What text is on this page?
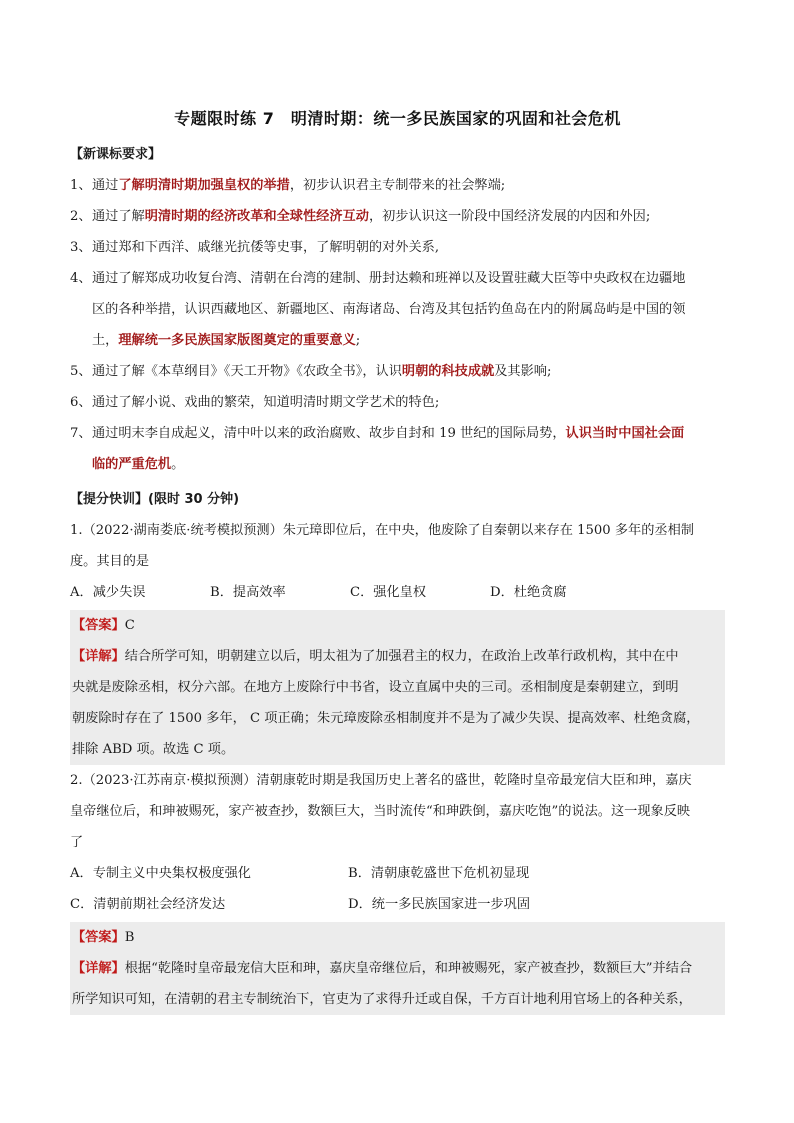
专题限时练 7　明清时期：统一多民族国家的巩固和社会危机
【新课标要求】

1、通过了解明清时期加强皇权的举措，初步认识君主专制带来的社会弊端;

2、通过了解明清时期的经济改革和全球性经济互动，初步认识这一阶段中国经济发展的内因和外因;

3、通过郑和下西洋、戚继光抗倭等史事，了解明朝的对外关系,

4、通过了解郑成功收复台湾、清朝在台湾的建制、册封达赖和班禅以及设置驻藏大臣等中央政权在边疆地

区的各种举措，认识西藏地区、新疆地区、南海诸岛、台湾及其包括钓鱼岛在内的附属岛屿是中国的领

土，理解统一多民族国家版图奠定的重要意义;

5、通过了解《本草纲目》《天工开物》《农政全书》，认识明朝的科技成就及其影响;

6、通过了解小说、戏曲的繁荣，知道明清时期文学艺术的特色;

7、通过明末李自成起义，清中叶以来的政治腐败、故步自封和 19 世纪的国际局势，认识当时中国社会面

临的严重危机。

【提分快训】(限时 30 分钟)

1.（2022·湖南娄底·统考模拟预测）朱元璋即位后，在中央，他废除了自秦朝以来存在 1500 多年的丞相制

度。其目的是

A．减少失误	B．提高效率	C．强化皇权	D．杜绝贪腐

【答案】C

【详解】结合所学可知，明朝建立以后，明太祖为了加强君主的权力，在政治上改革行政机构，其中在中

央就是废除丞相，权分六部。在地方上废除行中书省，设立直属中央的三司。丞相制度是秦朝建立，到明

朝废除时存在了 1500 多年， C 项正确；朱元璋废除丞相制度并不是为了减少失误、提高效率、杜绝贪腐，

排除 ABD 项。故选 C 项。

2.（2023·江苏南京·模拟预测）清朝康乾时期是我国历史上著名的盛世，乾隆时皇帝最宠信大臣和珅，嘉庆

皇帝继位后，和珅被赐死，家产被查抄，数额巨大，当时流传“和珅跌倒，嘉庆吃饱”的说法。这一现象反映

了

A．专制主义中央集权极度强化	B．清朝康乾盛世下危机初显现
C．清朝前期社会经济发达	D．统一多民族国家进一步巩固

【答案】B

【详解】根据“乾隆时皇帝最宠信大臣和珅，嘉庆皇帝继位后，和珅被赐死，家产被查抄，数额巨大”并结合

所学知识可知，在清朝的君主专制统治下，官吏为了求得升迁或自保，千方百计地利用官场上的各种关系，
